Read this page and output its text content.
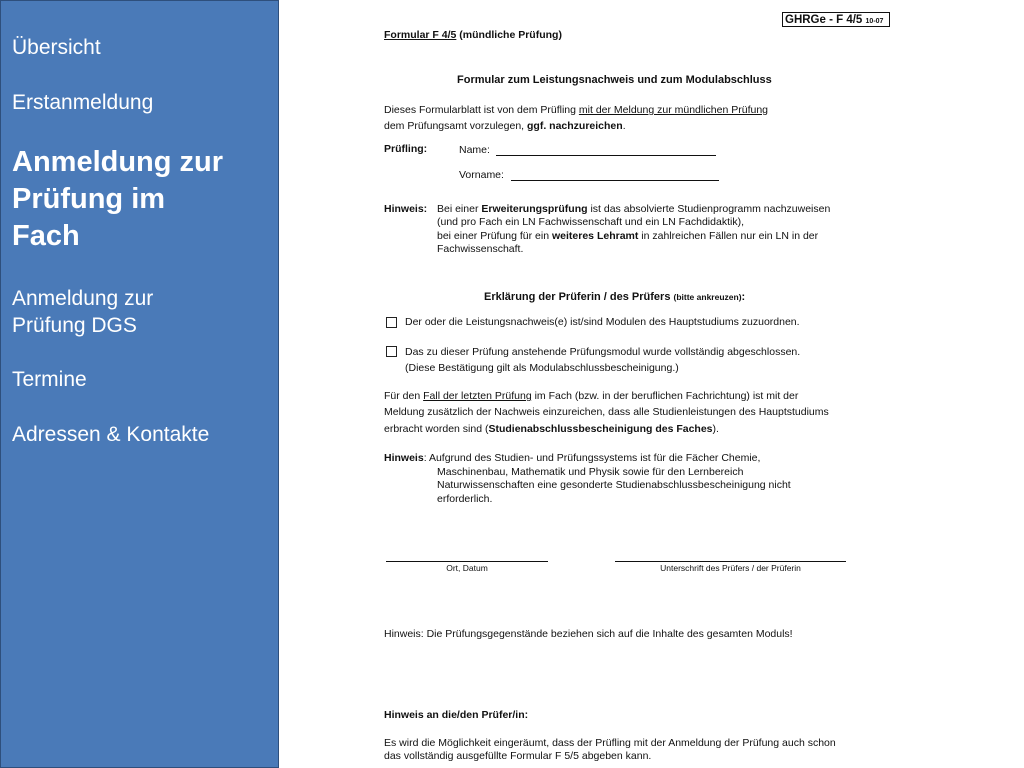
Übersicht
Erstanmeldung
Anmeldung zur
Prüfung im
Fach
Anmeldung zur
Prüfung DGS
Termine
Adressen & Kontakte
GHRGe - F 4/5 10-07
Formular F 4/5 (mündliche Prüfung)
Formular zum Leistungsnachweis und zum Modulabschluss
Dieses Formularblatt ist von dem Prüfling mit der Meldung zur mündlichen Prüfung
dem Prüfungsamt vorzulegen, ggf. nachzureichen.
Prüfling:	Name:
Vorname:
Hinweis: Bei einer Erweiterungsprüfung ist das absolvierte Studienprogramm nachzuweisen
(und pro Fach ein LN Fachwissenschaft und ein LN Fachdidaktik),
bei einer Prüfung für ein weiteres Lehramt in zahlreichen Fällen nur ein LN in der
Fachwissenschaft.
Erklärung der Prüferin / des Prüfers (bitte ankreuzen):
Der oder die Leistungsnachweis(e) ist/sind Modulen des Hauptstudiums zuzuordnen.
Das zu dieser Prüfung anstehende Prüfungsmodul wurde vollständig abgeschlossen.
(Diese Bestätigung gilt als Modulabschlussbescheinigung.)
Für den Fall der letzten Prüfung im Fach (bzw. in der beruflichen Fachrichtung) ist mit der
Meldung zusätzlich der Nachweis einzureichen, dass alle Studienleistungen des Hauptstudiums
erbracht worden sind (Studienabschlussbescheinigung des Faches).
Hinweis: Aufgrund des Studien- und Prüfungssystems ist für die Fächer Chemie,
Maschinenbau, Mathematik und Physik sowie für den Lernbereich
Naturwissenschaften eine gesonderte Studienabschlussbescheinigung nicht
erforderlich.
Ort, Datum	Unterschrift des Prüfers / der Prüferin
Hinweis: Die Prüfungsgegenstände beziehen sich auf die Inhalte des gesamten Moduls!
Hinweis an die/den Prüfer/in:
Es wird die Möglichkeit eingeräumt, dass der Prüfling mit der Anmeldung der Prüfung auch schon
das vollständig ausgefüllte Formular F 5/5 abgeben kann.
